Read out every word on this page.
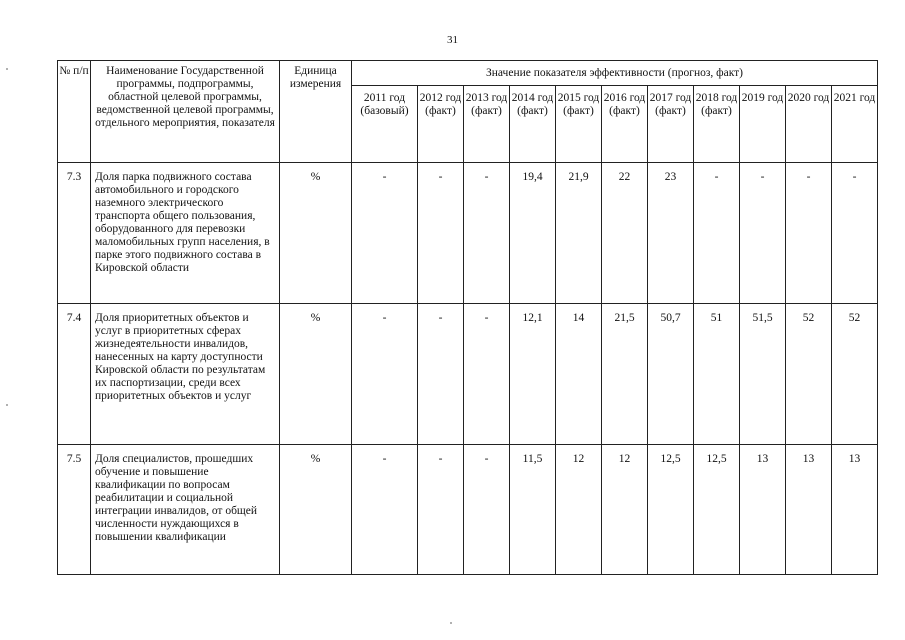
31
№ п/п	Наименование Государственной программы, подпрограммы, областной целевой программы, ведомственной целевой программы, отдельного мероприятия, показателя	Единица измерения	Значение показателя эффективности (прогноз, факт)										
			2011 год (базовый)	2012 год (факт)	2013 год (факт)	2014 год (факт)	2015 год (факт)	2016 год (факт)	2017 год (факт)	2018 год (факт)	2019 год	2020 год	2021 год
7.3	Доля парка подвижного состава автомобильного и городского наземного электрического транспорта общего пользования, оборудованного для перевозки маломобильных групп населения, в парке этого подвижного состава в Кировской области	%	-	-	-	19,4	21,9	22	23	-	-	-	-
7.4	Доля приоритетных объектов и услуг в приоритетных сферах жизнедеятельности инвалидов, нанесенных на карту доступности Кировской области по результатам их паспортизации, среди всех приоритетных объектов и услуг	%	-	-	-	12,1	14	21,5	50,7	51	51,5	52	52
7.5	Доля специалистов, прошедших обучение и повышение квалификации по вопросам реабилитации и социальной интеграции инвалидов, от общей численности нуждающихся в повышении квалификации	%	-	-	-	11,5	12	12	12,5	12,5	13	13	13
